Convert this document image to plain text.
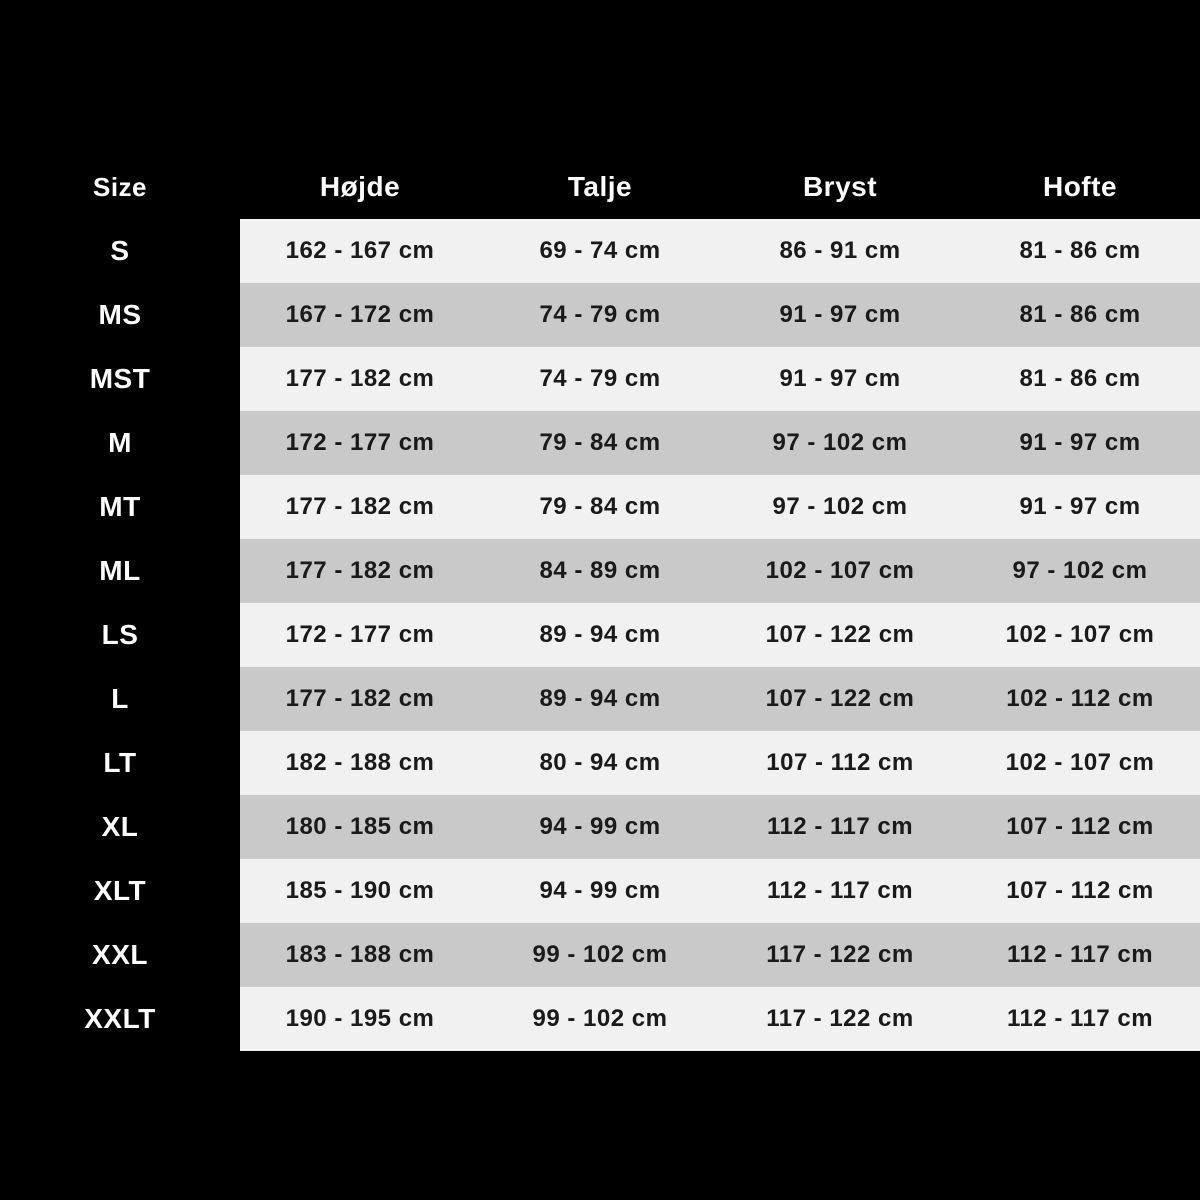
Size	Højde	Talje	Bryst	Hofte
S	162 - 167 cm	69 - 74 cm	86 - 91 cm	81 - 86 cm
MS	167 - 172 cm	74 - 79 cm	91 - 97 cm	81 - 86 cm
MST	177 - 182 cm	74 - 79 cm	91 - 97 cm	81 - 86 cm
M	172 - 177 cm	79 - 84 cm	97 - 102 cm	91 - 97 cm
MT	177 - 182 cm	79 - 84 cm	97 - 102 cm	91 - 97 cm
ML	177 - 182 cm	84 - 89 cm	102 - 107 cm	97 - 102 cm
LS	172 - 177 cm	89 - 94 cm	107 - 122 cm	102 - 107 cm
L	177 - 182 cm	89 - 94 cm	107 - 122 cm	102 - 112 cm
LT	182 - 188 cm	80 - 94 cm	107 - 112 cm	102 - 107 cm
XL	180 - 185 cm	94 - 99 cm	112 - 117 cm	107 - 112 cm
XLT	185 - 190 cm	94 - 99 cm	112 - 117 cm	107 - 112 cm
XXL	183 - 188 cm	99 - 102 cm	117 - 122 cm	112 - 117 cm
XXLT	190 - 195 cm	99 - 102 cm	117 - 122 cm	112 - 117 cm
